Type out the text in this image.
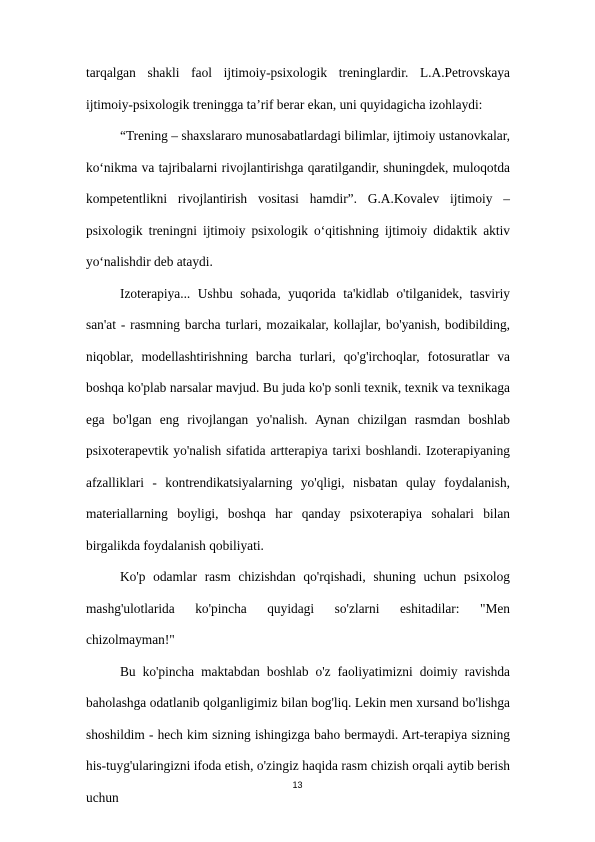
tarqalgan shakli faol ijtimoiy-psixologik treninglardir. L.A.Petrovskaya ijtimoiy-psixologik treningga ta’rif berar ekan, uni quyidagicha izohlaydi:

“Trening – shaxslararo munosabatlardagi bilimlar, ijtimoiy ustanovkalar, ko‘nikma va tajribalarni rivojlantirishga qaratilgandir, shuningdek, muloqotda kompetentlikni rivojlantirish vositasi hamdir”. G.A.Kovalev ijtimoiy – psixologik treningni ijtimoiy psixologik o‘qitishning ijtimoiy didaktik aktiv yo‘nalishdir deb ataydi.

Izoterapiya... Ushbu sohada, yuqorida ta'kidlab o'tilganidek, tasviriy san'at - rasmning barcha turlari, mozaikalar, kollajlar, bo'yanish, bodibilding, niqoblar, modellashtirishning barcha turlari, qo'g'irchoqlar, fotosuratlar va boshqa ko'plab narsalar mavjud. Bu juda ko'p sonli texnik, texnik va texnikaga ega bo'lgan eng rivojlangan yo'nalish. Aynan chizilgan rasmdan boshlab psixoterapevtik yo'nalish sifatida artterapiya tarixi boshlandi. Izoterapiyaning afzalliklari - kontrendikatsiyalarning yo'qligi, nisbatan qulay foydalanish, materiallarning boyligi, boshqa har qanday psixoterapiya sohalari bilan birgalikda foydalanish qobiliyati.

Ko'p odamlar rasm chizishdan qo'rqishadi, shuning uchun psixolog mashg'ulotlarida ko'pincha quyidagi so'zlarni eshitadilar: "Men chizolmayman!"

Bu ko'pincha maktabdan boshlab o'z faoliyatimizni doimiy ravishda baholashga odatlanib qolganligimiz bilan bog'liq. Lekin men xursand bo'lishga shoshildim - hech kim sizning ishingizga baho bermaydi. Art-terapiya sizning his-tuyg'ularingizni ifoda etish, o'zingiz haqida rasm chizish orqali aytib berish uchun

13
